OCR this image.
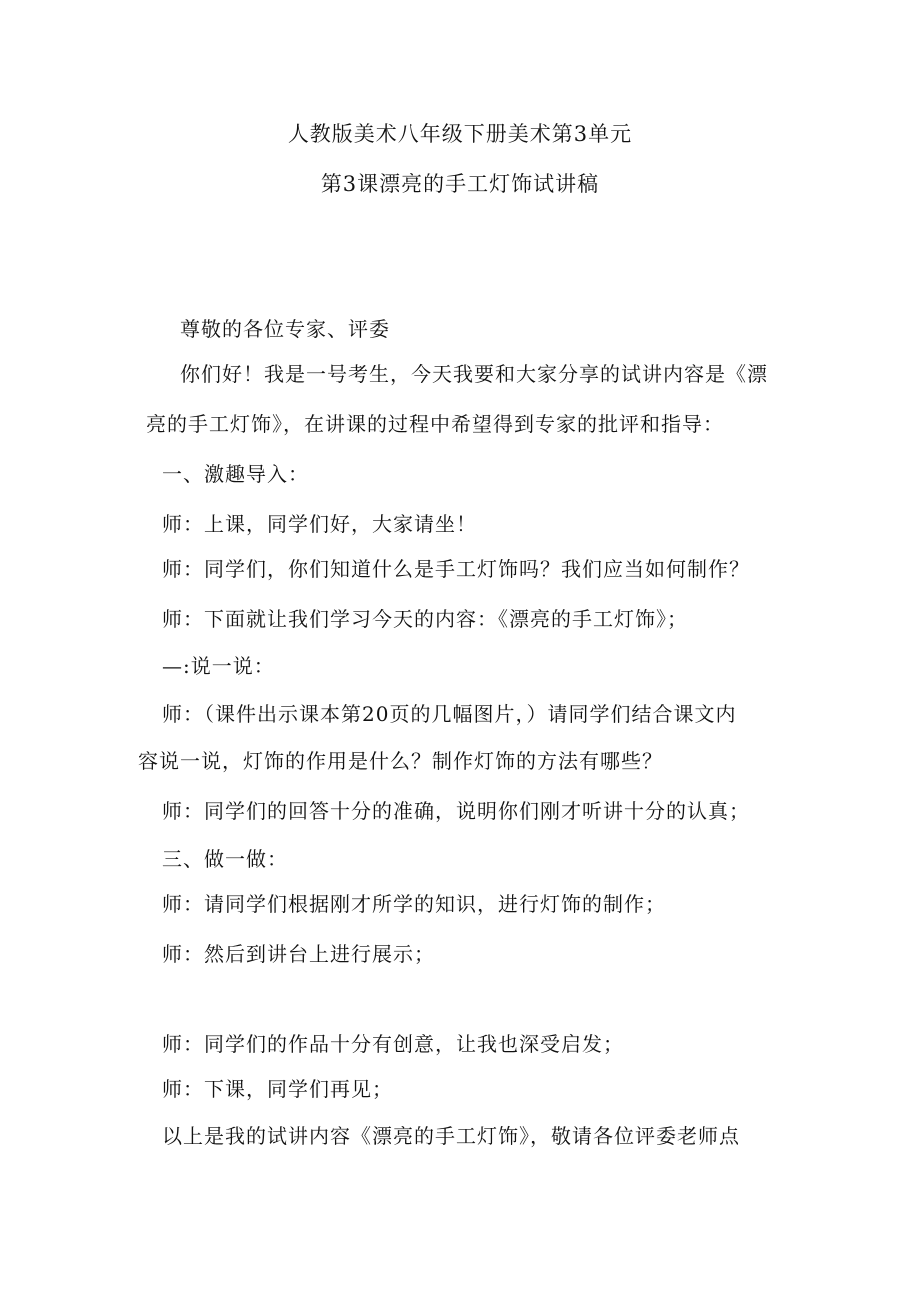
人教版美术八年级下册美术第3单元
第3课漂亮的手工灯饰试讲稿
尊敬的各位专家、评委
你们好！我是一号考生，今天我要和大家分享的试讲内容是《漂
亮的手工灯饰》，在讲课的过程中希望得到专家的批评和指导：
一、激趣导入：
师：上课，同学们好，大家请坐！
师：同学们，你们知道什么是手工灯饰吗？我们应当如何制作？
师：下面就让我们学习今天的内容：《漂亮的手工灯饰》；
—:说一说：
师：（课件出示课本第20页的几幅图片，）请同学们结合课文内
容说一说，灯饰的作用是什么？制作灯饰的方法有哪些？
师：同学们的回答十分的准确，说明你们刚才听讲十分的认真；
三、做一做：
师：请同学们根据刚才所学的知识，进行灯饰的制作；
师：然后到讲台上进行展示；
师：同学们的作品十分有创意，让我也深受启发；
师：下课，同学们再见；
以上是我的试讲内容《漂亮的手工灯饰》，敬请各位评委老师点
